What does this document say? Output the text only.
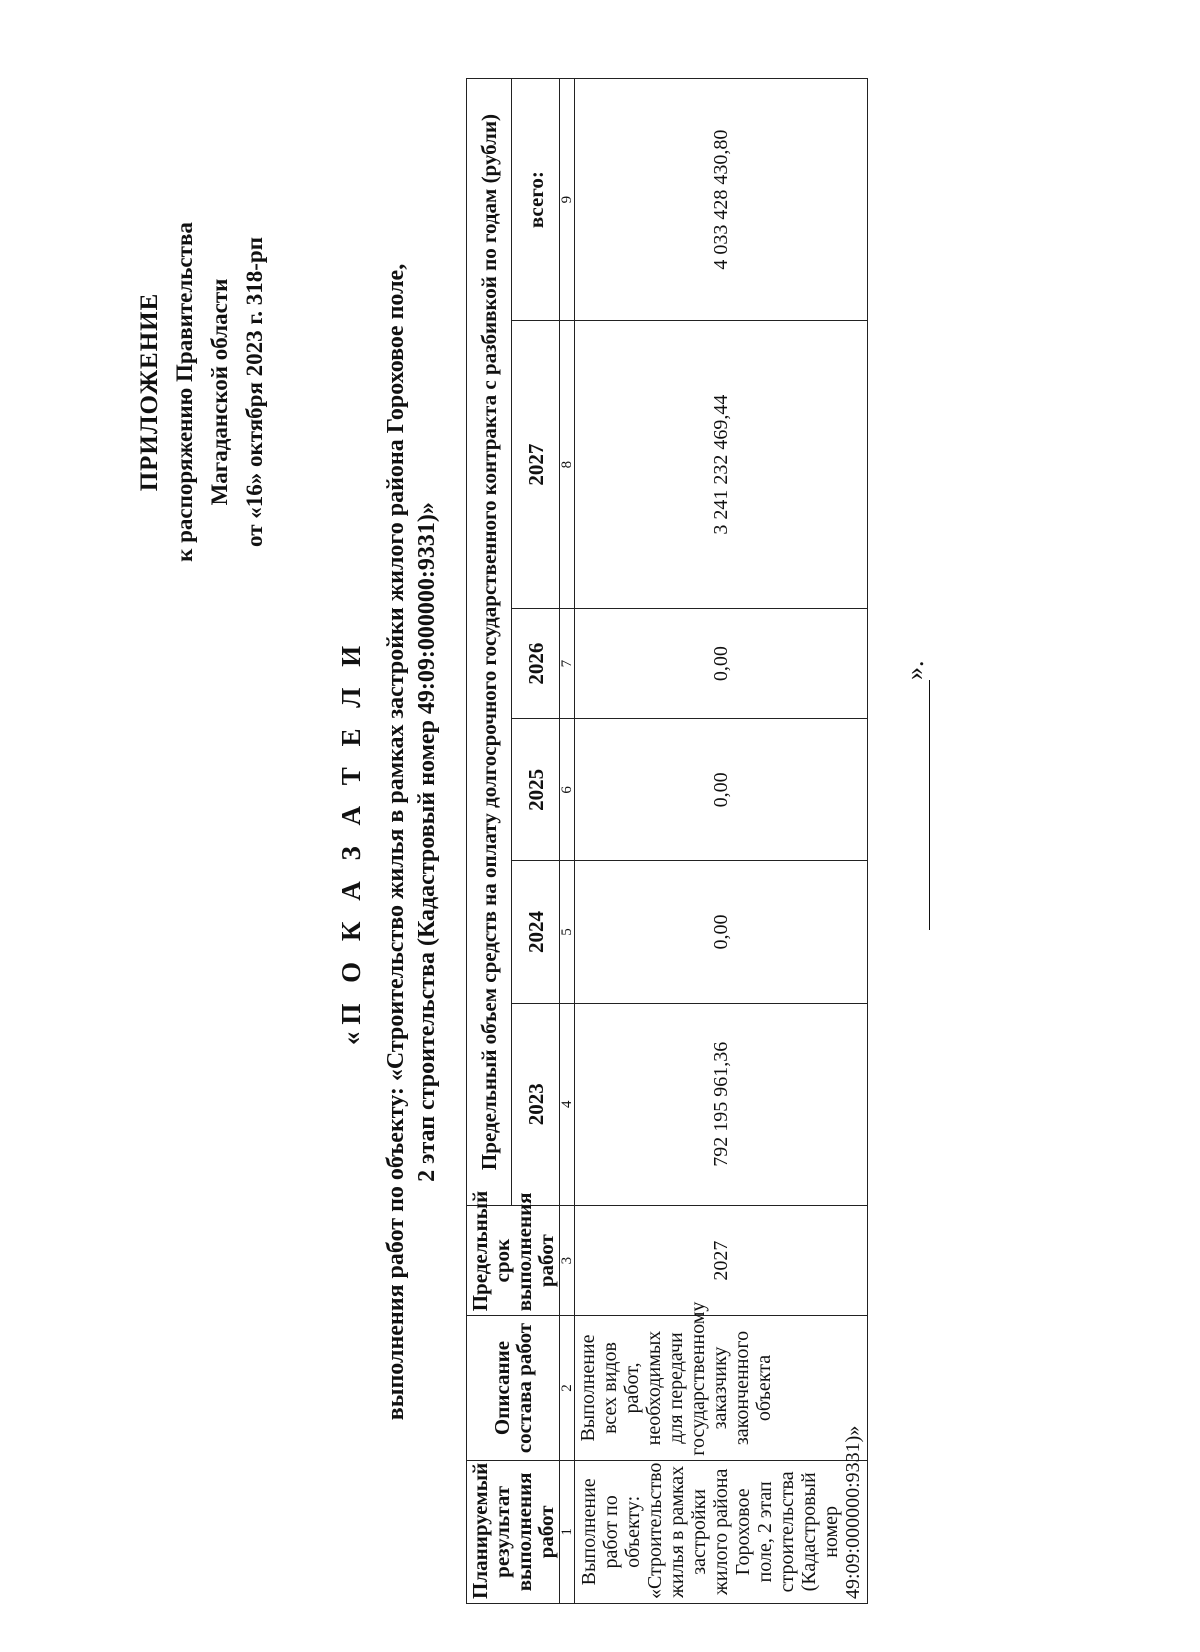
ПРИЛОЖЕНИЕ к распоряжению Правительства Магаданской области от «16» октября 2023 г. 318-рп
«П О К А З А Т Е Л И выполнения работ по объекту: «Строительство жилья в рамках застройки жилого района Гороховое поле, 2 этап строительства (Кадастровый номер 49:09:000000:9331)»
Планируемый результат выполнения работ	Описание состава работ	Предельный срок выполнения работ	Предельный объем средств на оплату долгосрочного государственного контракта с разбивкой по годам (рубли)					
			2023	2024	2025	2026	2027	всего:
1	2	3	4	5	6	7	8	9
Выполнение работ по объекту: «Строительство жилья в рамках застройки жилого района Гороховое поле, 2 этап строительства (Кадастровый номер 49:09:000000:9331)»	Выполнение всех видов работ, необходимых для передачи государственному заказчику законченного объекта	2027	792 195 961,36	0,00	0,00	0,00	3 241 232 469,44	4 033 428 430,80
».
